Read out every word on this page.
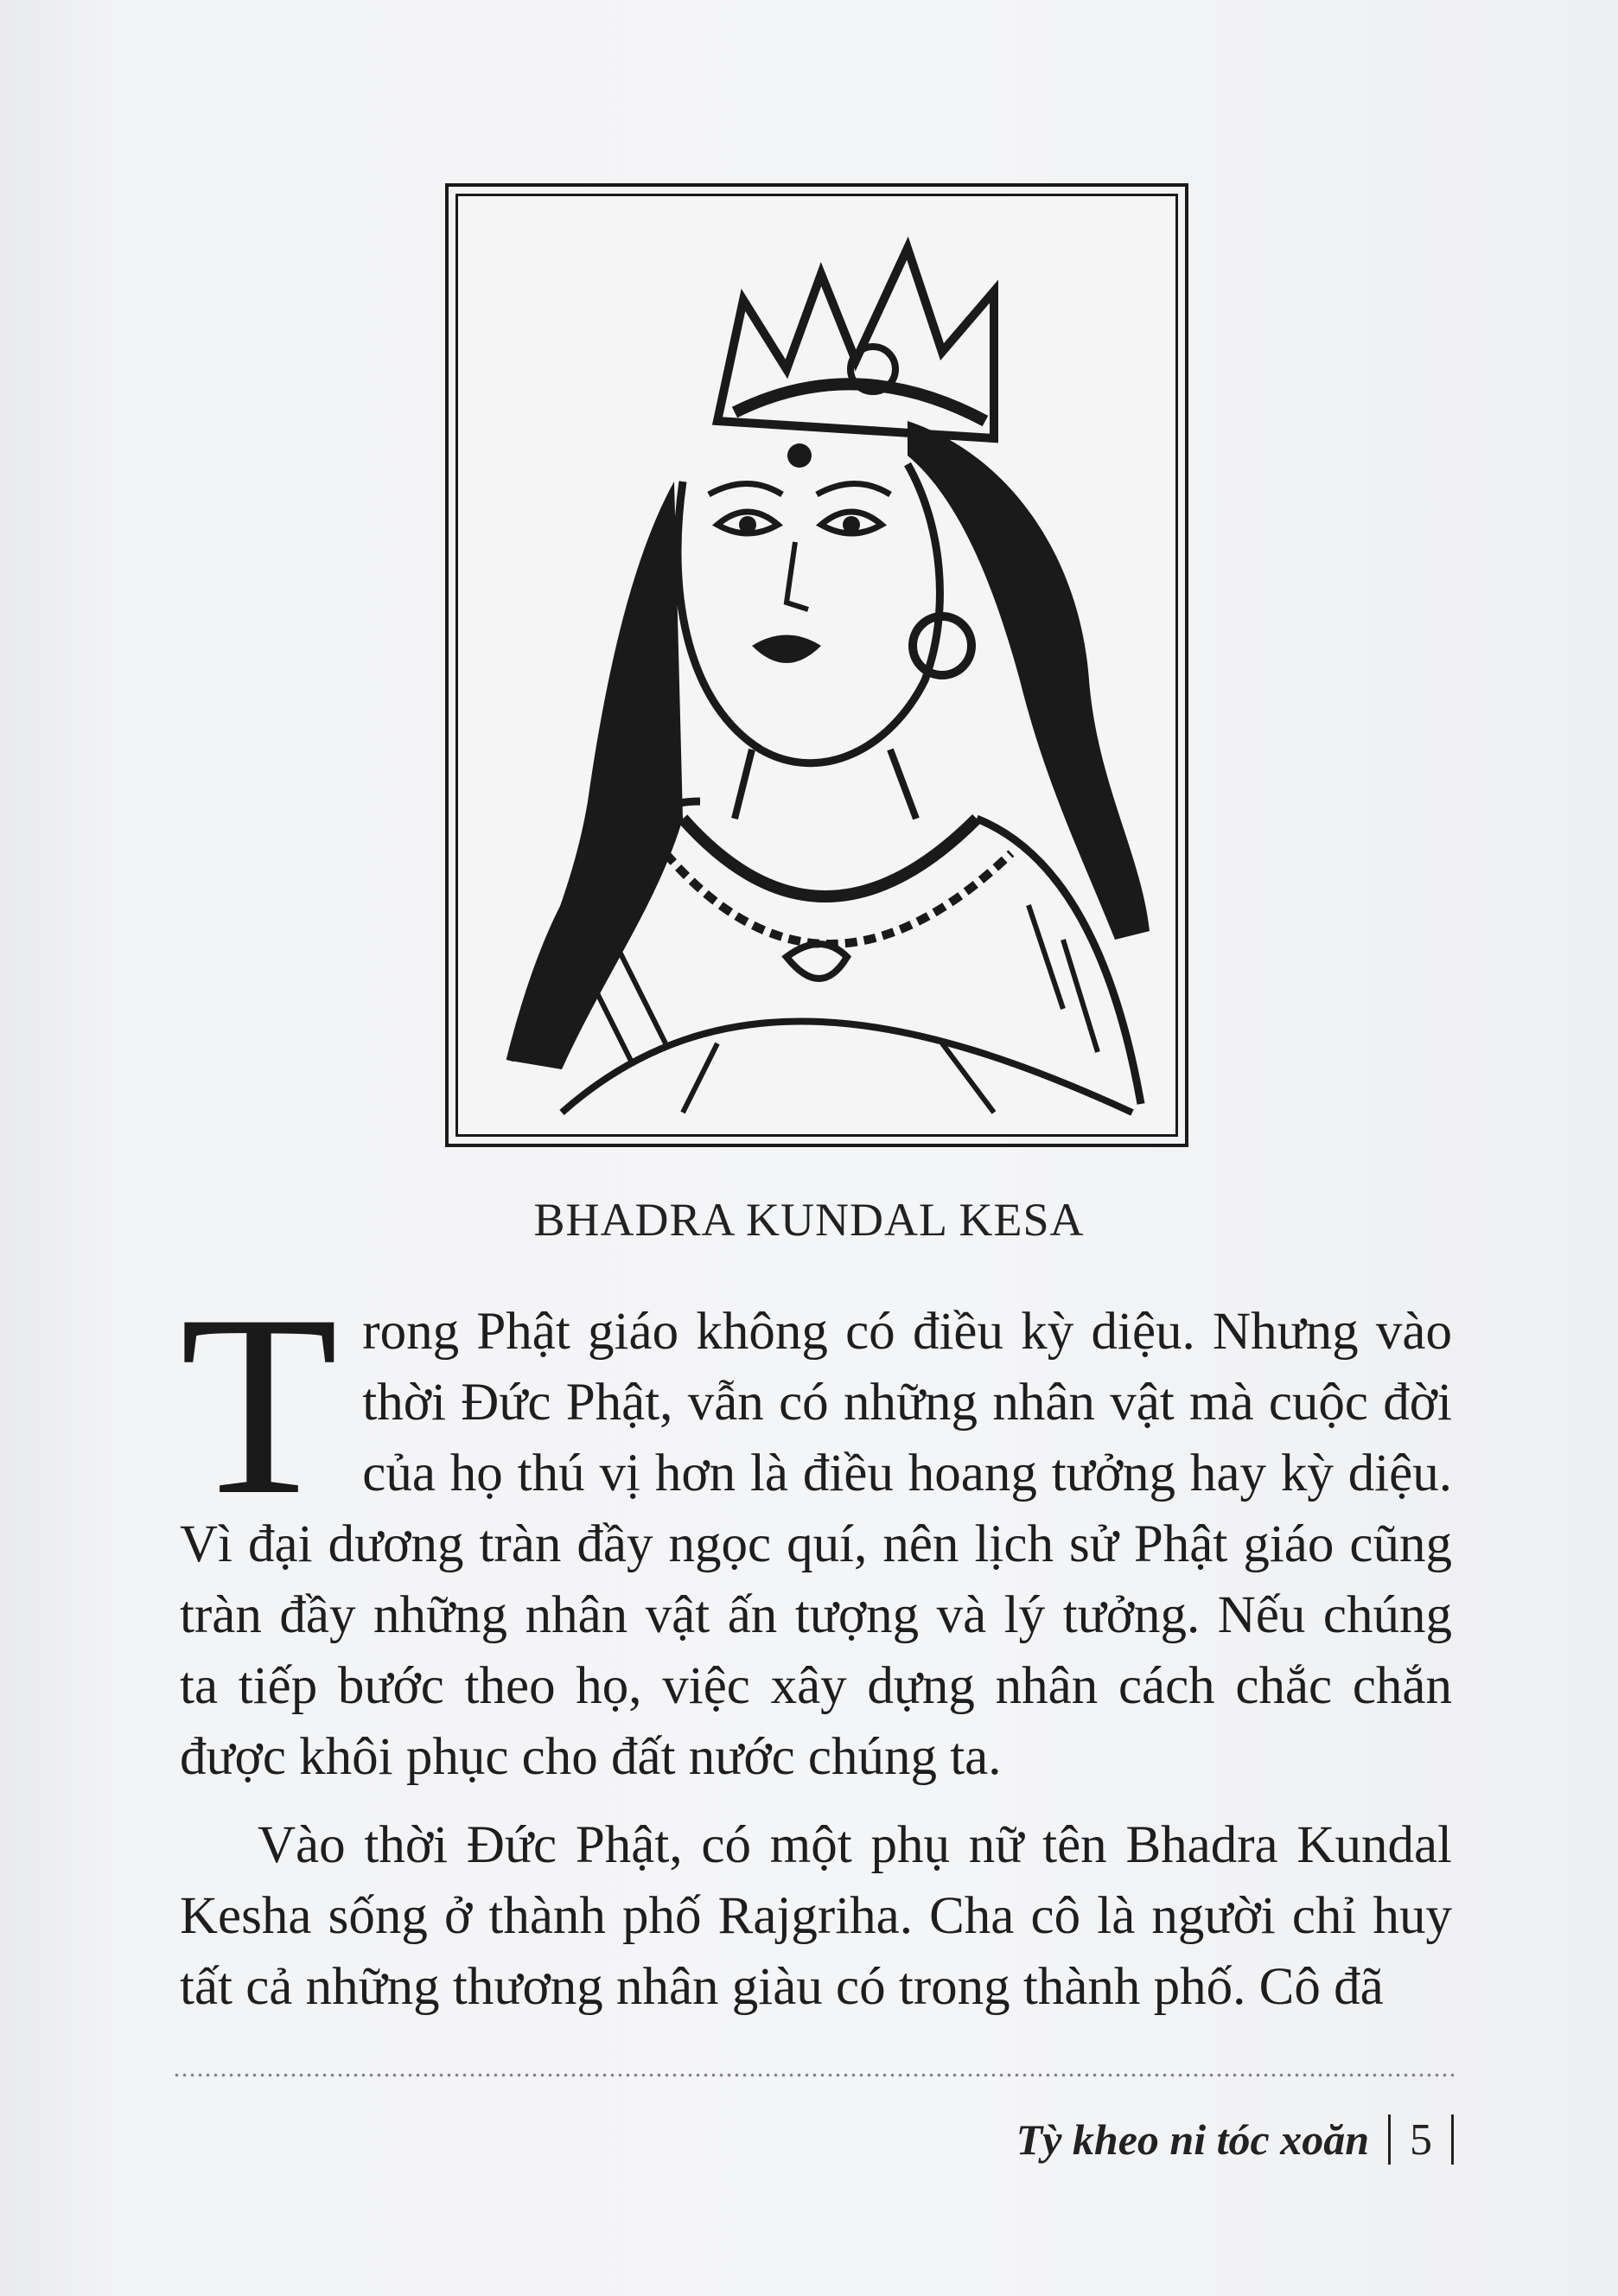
BHADRA KUNDAL KESA

Trong Phật giáo không có điều kỳ diệu. Nhưng vào thời Đức Phật, vẫn có những nhân vật mà cuộc đời của họ thú vị hơn là điều hoang tưởng hay kỳ diệu. Vì đại dương tràn đầy ngọc quí, nên lịch sử Phật giáo cũng tràn đầy những nhân vật ấn tượng và lý tưởng. Nếu chúng ta tiếp bước theo họ, việc xây dựng nhân cách chắc chắn được khôi phục cho đất nước chúng ta.

Vào thời Đức Phật, có một phụ nữ tên Bhadra Kundal Kesha sống ở thành phố Rajgriha. Cha cô là người chỉ huy tất cả những thương nhân giàu có trong thành phố. Cô đã

Tỳ kheo ni tóc xoăn 5
